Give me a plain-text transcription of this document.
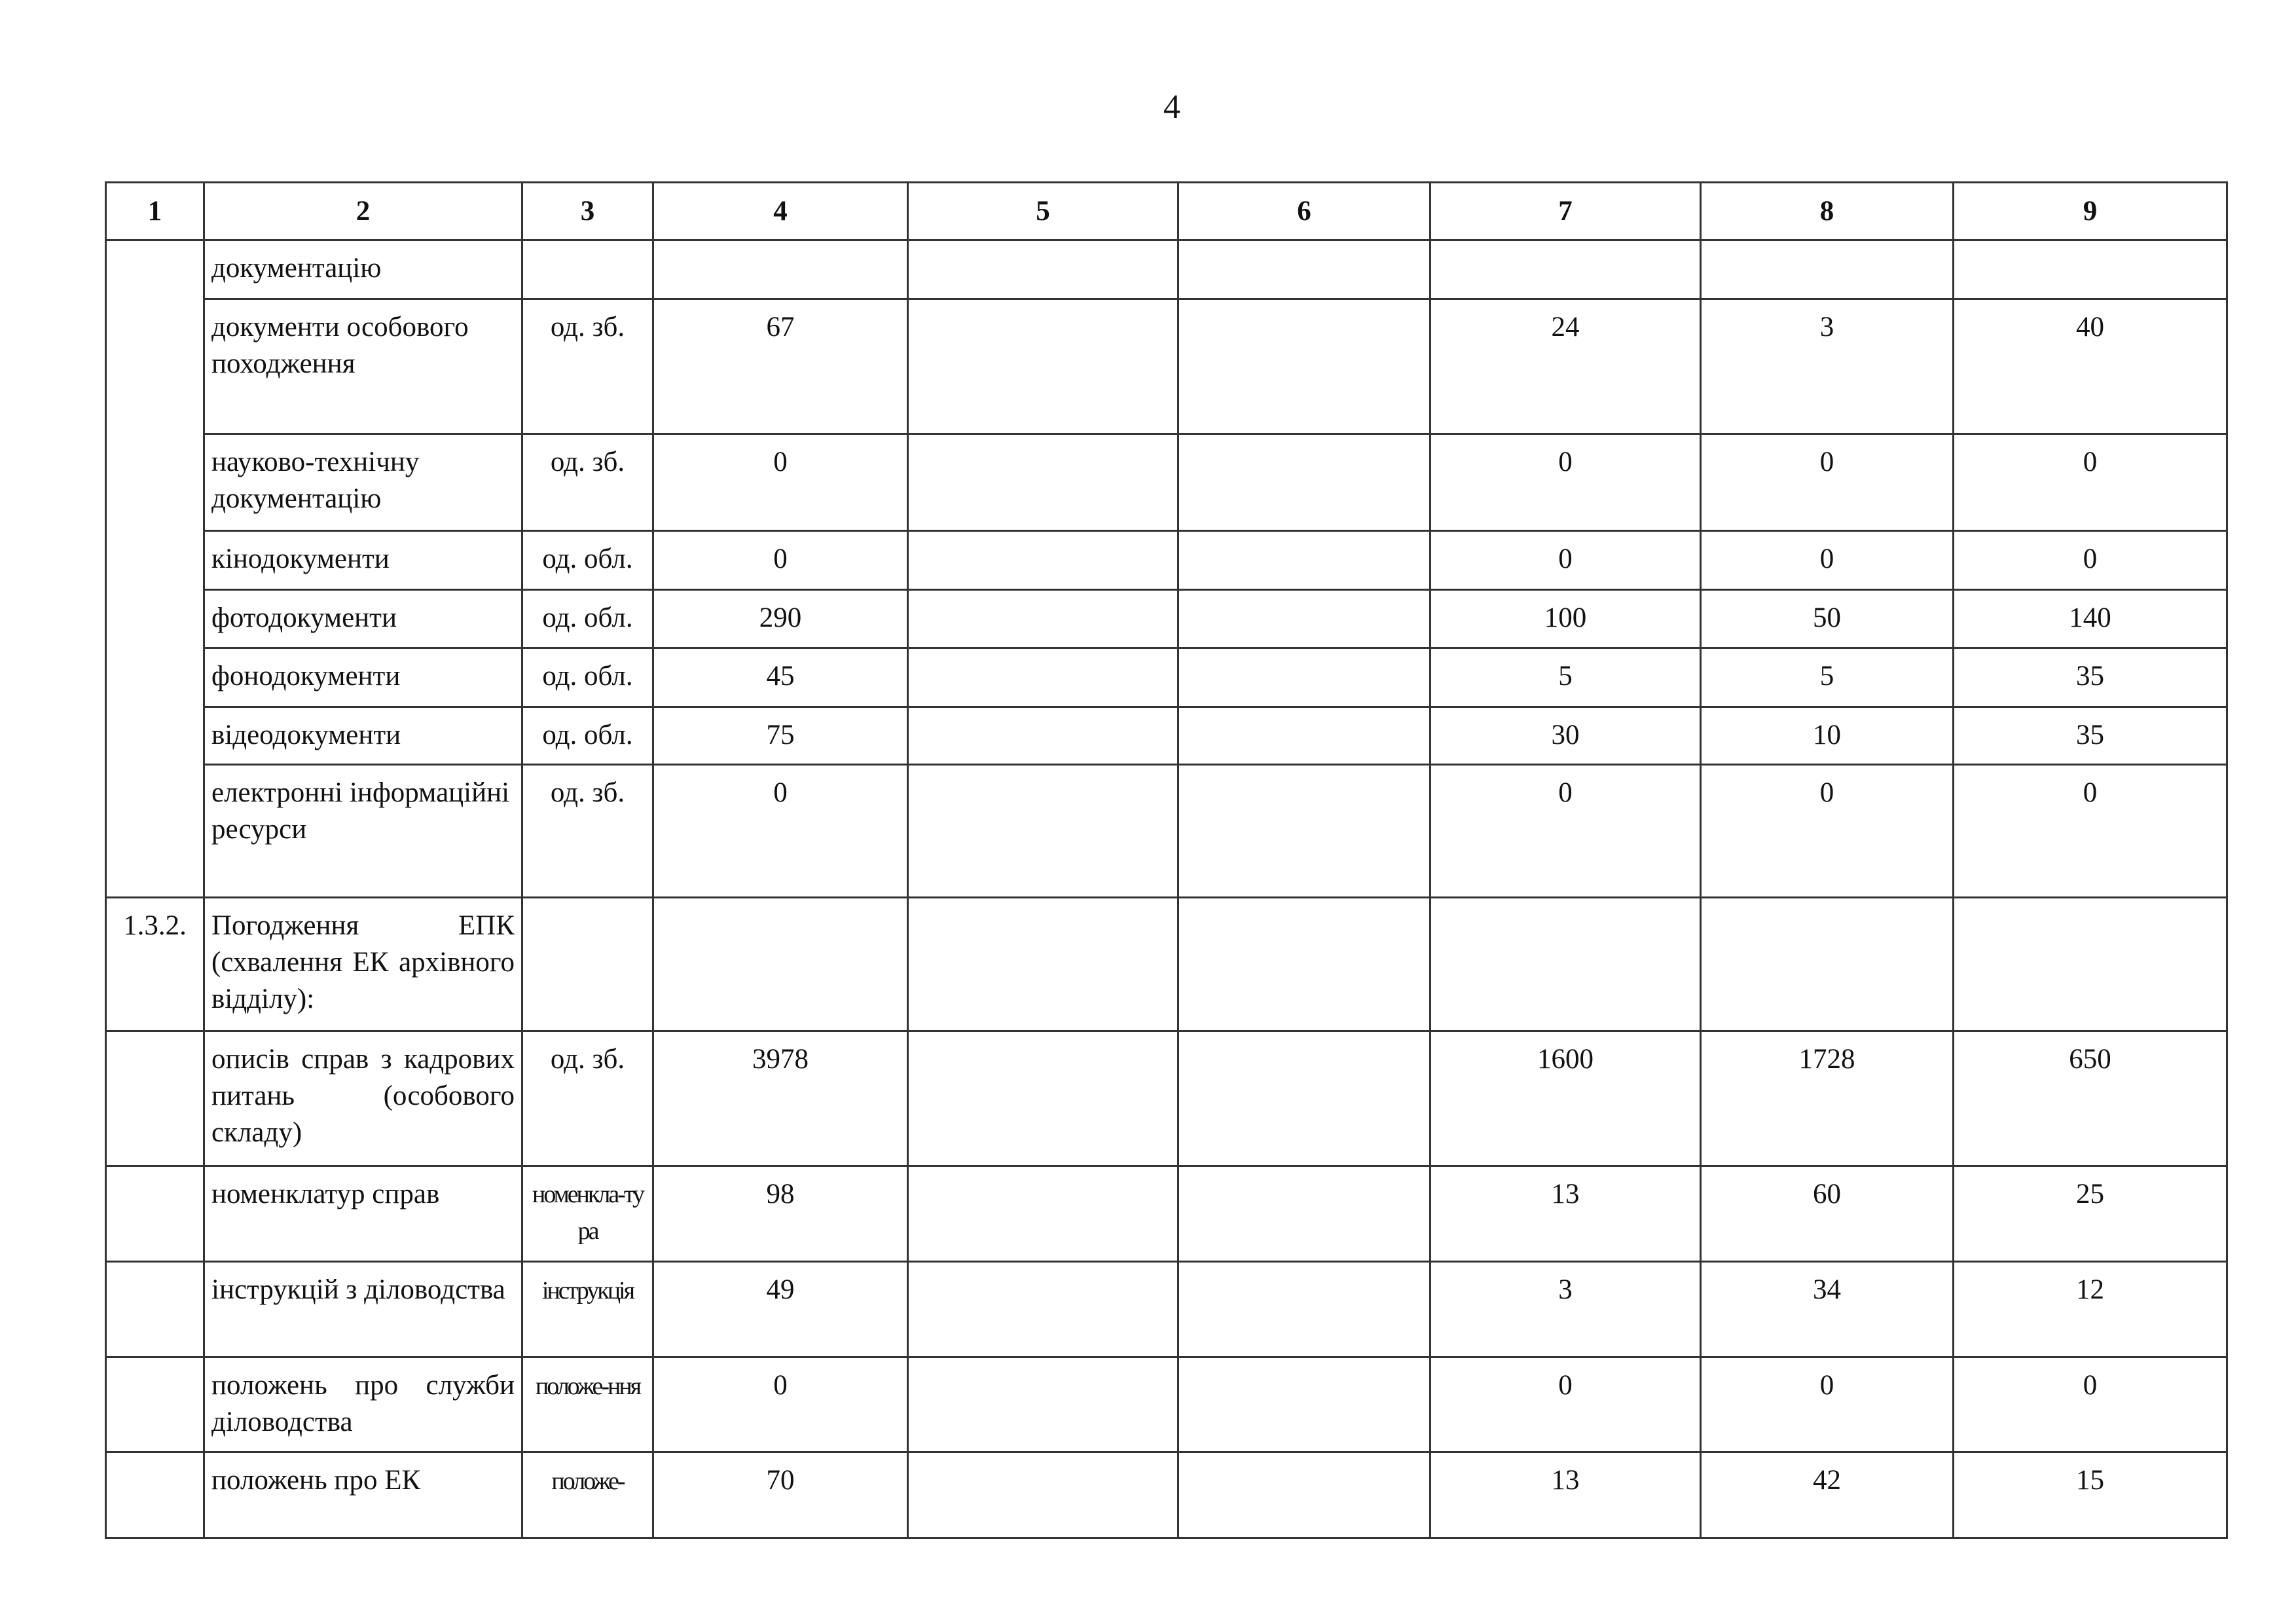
4
1	2	3	4	5	6	7	8	9
	документацію							
	документи особового походження	од. зб.	67			24	3	40
	науково-технічну документацію	од. зб.	0			0	0	0
	кінодокументи	од. обл.	0			0	0	0
	фотодокументи	од. обл.	290			100	50	140
	фонодокументи	од. обл.	45			5	5	35
	відеодокументи	од. обл.	75			30	10	35
	електронні інформаційні ресурси	од. зб.	0			0	0	0
1.3.2.	Погодження ЕПК (схвалення ЕК архівного відділу):							
	описів справ з кадрових питань (особового складу)	од. зб.	3978			1600	1728	650
	номенклатур справ	номенкла-тура	98			13	60	25
	інструкцій з діловодства	інструкція	49			3	34	12
	положень про служби діловодства	положе-ння	0			0	0	0
	положень про ЕК	положе-	70			13	42	15
